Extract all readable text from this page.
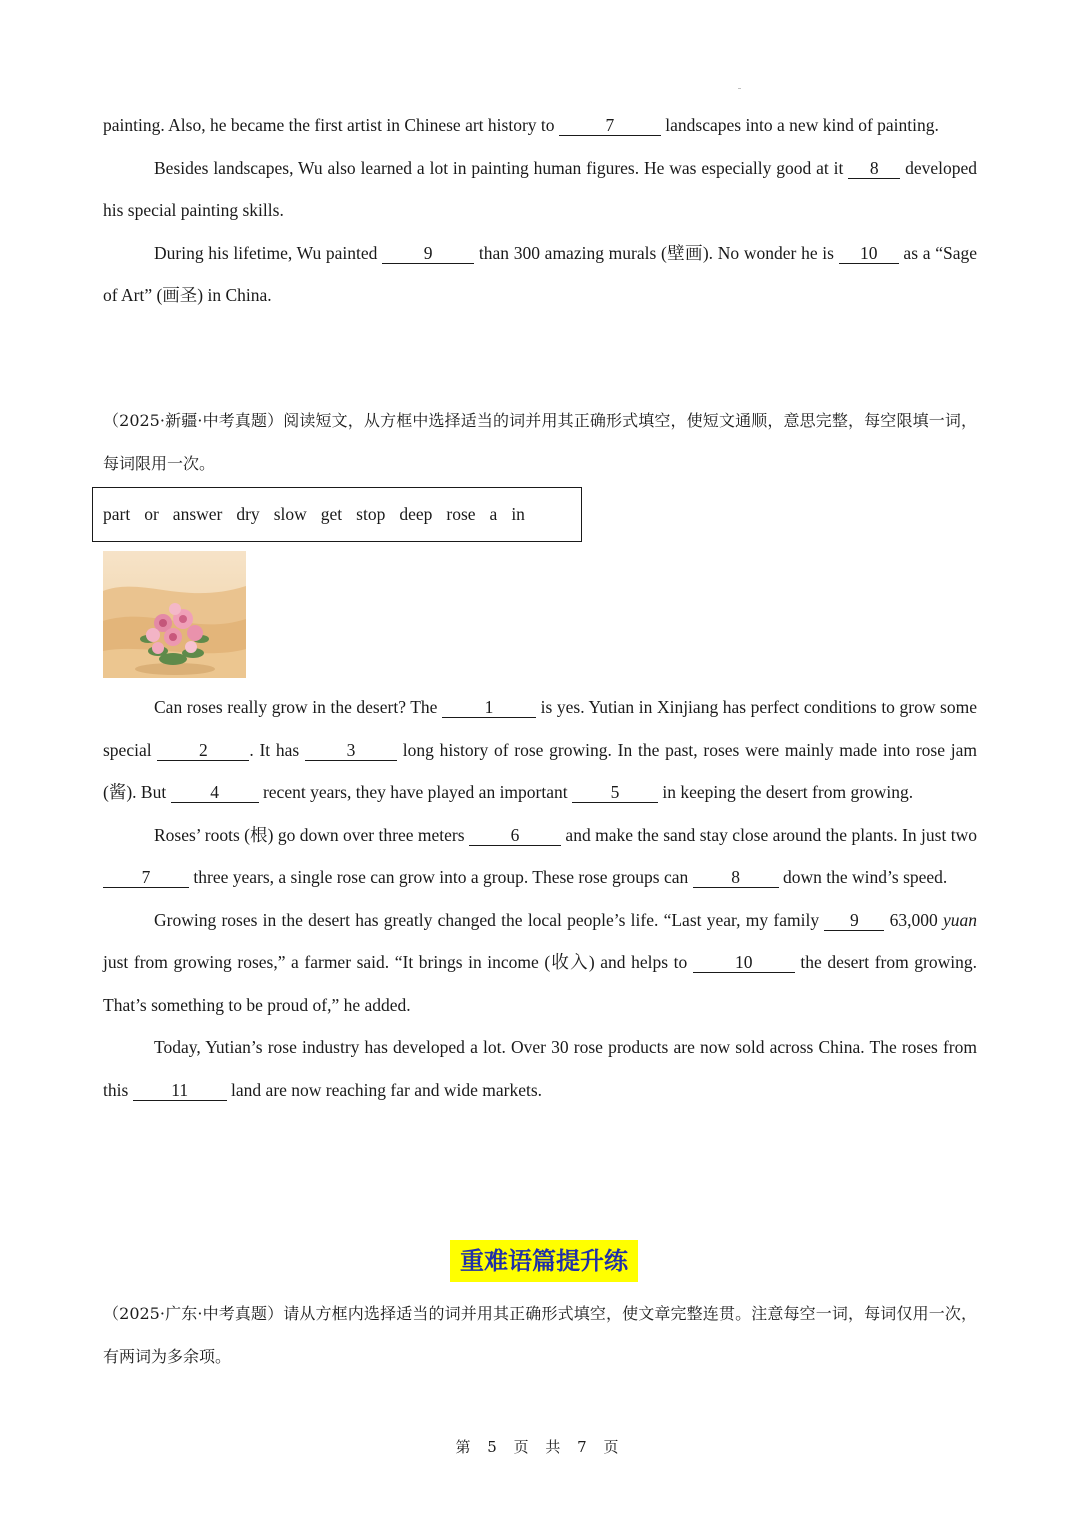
painting. Also, he became the first artist in Chinese art history to	7	landscapes into a new kind of painting.

Besides landscapes, Wu also learned a lot in painting human figures. He was especially good at it 8 developed his special painting skills.

During his lifetime, Wu painted	9	than 300 amazing murals (壁画). No wonder he is 10 as a “Sage of Art” (画圣) in China.

（2025·新疆·中考真题）阅读短文，从方框中选择适当的词并用其正确形式填空，使短文通顺，意思完整，每空限填一词，每词限用一次。

part or answer dry slow get stop deep rose a in

Can roses really grow in the desert? The	1	is yes. Yutian in Xinjiang has perfect conditions to grow some special	2 . It has	3	long history of rose growing. In the past, roses were mainly made into rose jam (酱). But	4	recent years, they have played an important 5 in keeping the desert from growing.

Roses’ roots (根) go down over three meters	6	and make the sand stay close around the plants. In just two 7 three years, a single rose can grow into a group. These rose groups can 8 down the wind’s speed.

Growing roses in the desert has greatly changed the local people’s life. “Last year, my family 9 63,000 yuan just from growing roses,” a farmer said. “It brings in income (收入) and helps to	10	the desert from growing. That’s something to be proud of,” he added.

Today, Yutian’s rose industry has developed a lot. Over 30 rose products are now sold across China. The roses from this 11 land are now reaching far and wide markets.

重难语篇提升练

（2025·广东·中考真题）请从方框内选择适当的词并用其正确形式填空，使文章完整连贯。注意每空一词，每词仅用一次，有两词为多余项。

第 5 页 共 7 页
